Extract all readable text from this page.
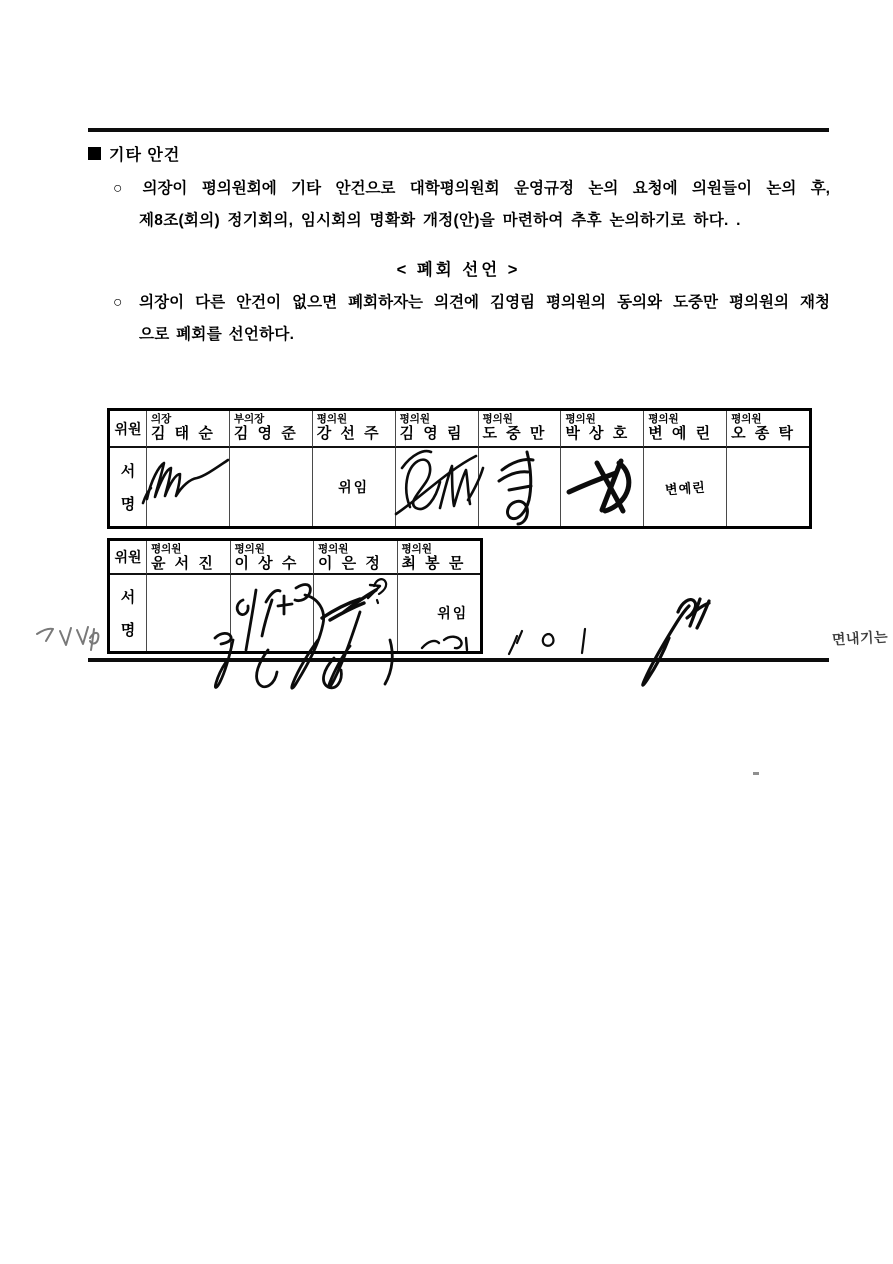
기타 안건
○ 의장이 평의원회에 기타 안건으로 대학평의원회 운영규정 논의 요청에 의원들이 논의 후,
제8조(회의) 정기회의, 임시회의 명확화 개정(안)을 마련하여 추후 논의하기로 하다. .
< 폐회 선언 >
○ 의장이 다른 안건이 없으면 폐회하자는 의견에 김영림 평의원의 동의와 도중만 평의원의 재청
으로 폐회를 선언하다.
위원
의장
김 태 순
부의장
김 영 준
평의원
강 선 주
평의원
김 영 림
평의원
도 중 만
평의원
박 상 호
평의원
변 예 린
평의원
오 종 탁
서
명
위임	변예린
위원 평의원
윤 서 진
평의원
이 상 수
평의원
이 은 정
평의원
최 봉 문
서
명
위임
면내기는
